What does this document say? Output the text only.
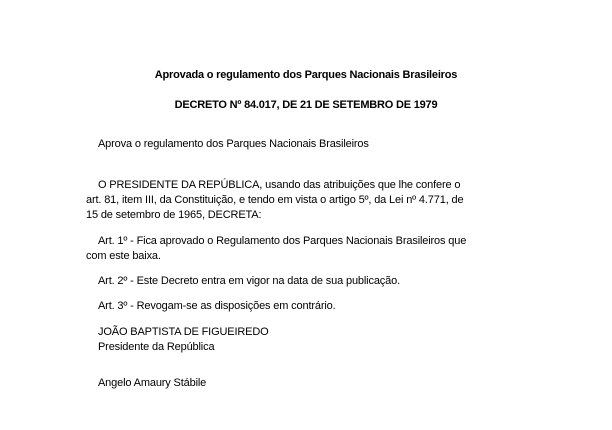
Aprovada o regulamento dos Parques Nacionais Brasileiros
DECRETO Nº 84.017, DE 21 DE SETEMBRO DE 1979
Aprova o regulamento dos Parques Nacionais Brasileiros
O PRESIDENTE DA REPÚBLICA, usando das atribuições que lhe confere o
art. 81, item III, da Constituição, e tendo em vista o artigo 5º, da Lei nº 4.771, de
15 de setembro de 1965, DECRETA:
Art. 1º - Fica aprovado o Regulamento dos Parques Nacionais Brasileiros que
com este baixa.
Art. 2º - Este Decreto entra em vigor na data de sua publicação.
Art. 3º - Revogam-se as disposições em contrário.
JOÃO BAPTISTA DE FIGUEIREDO
Presidente da República
Angelo Amaury Stábile
